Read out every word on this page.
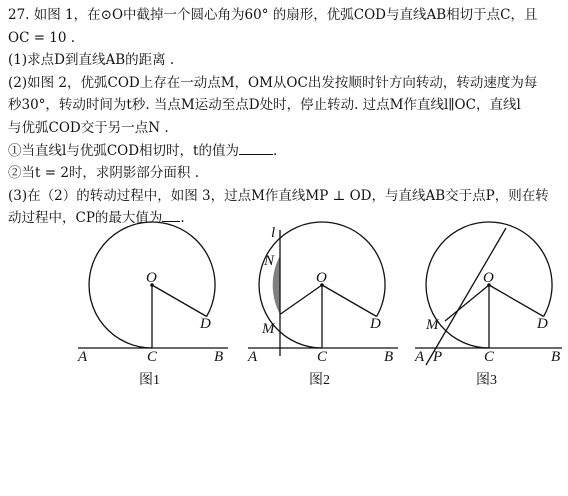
27. 如图 1，在⊙O中截掉一个圆心角为60° 的扇形，优弧COD与直线AB相切于点C，且
OC = 10 .
(1)求点D到直线AB的距离 .
(2)如图 2，优弧COD上存在一动点M，OM从OC出发按顺时针方向转动，转动速度为每
秒30°，转动时间为t秒. 当点M运动至点D处时，停止转动. 过点M作直线l∥OC，直线l
与优弧COD交于另一点N .
①当直线l与优弧COD相切时，t的值为	.
②当t = 2时，求阴影部分面积 .
(3)在（2）的转动过程中，如图 3，过点M作直线MP ⊥ OD，与直线AB交于点P，则在转
动过程中，CP的最大值为 .
O
D
A	C	B
图1
l
N
O
D
M
A	C	B
图2
O
M	D
A P	C	B
图3
